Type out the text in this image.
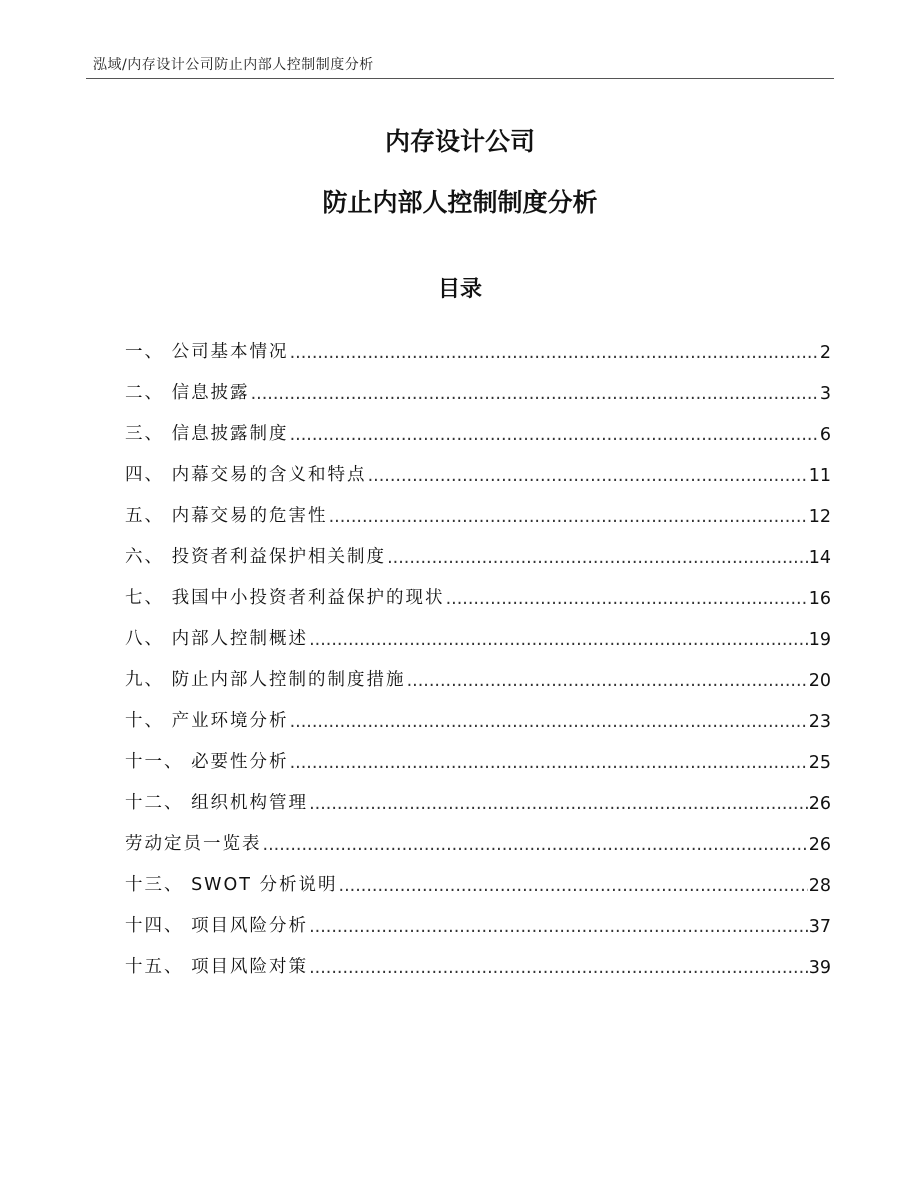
泓域/内存设计公司防止内部人控制制度分析
内存设计公司
防止内部人控制制度分析
目录
一、 公司基本情况 .....	2
二、 信息披露 .....	3
三、 信息披露制度 .....	6
四、 内幕交易的含义和特点 .....	11
五、 内幕交易的危害性 .....	12
六、 投资者利益保护相关制度 .....	14
七、 我国中小投资者利益保护的现状 .....	16
八、 内部人控制概述 .....	19
九、 防止内部人控制的制度措施 .....	20
十、 产业环境分析 .....	23
十一、 必要性分析 .....	25
十二、 组织机构管理 .....	26
劳动定员一览表 .....	26
十三、 SWOT 分析说明 .....	28
十四、 项目风险分析 .....	37
十五、 项目风险对策 .....	39
